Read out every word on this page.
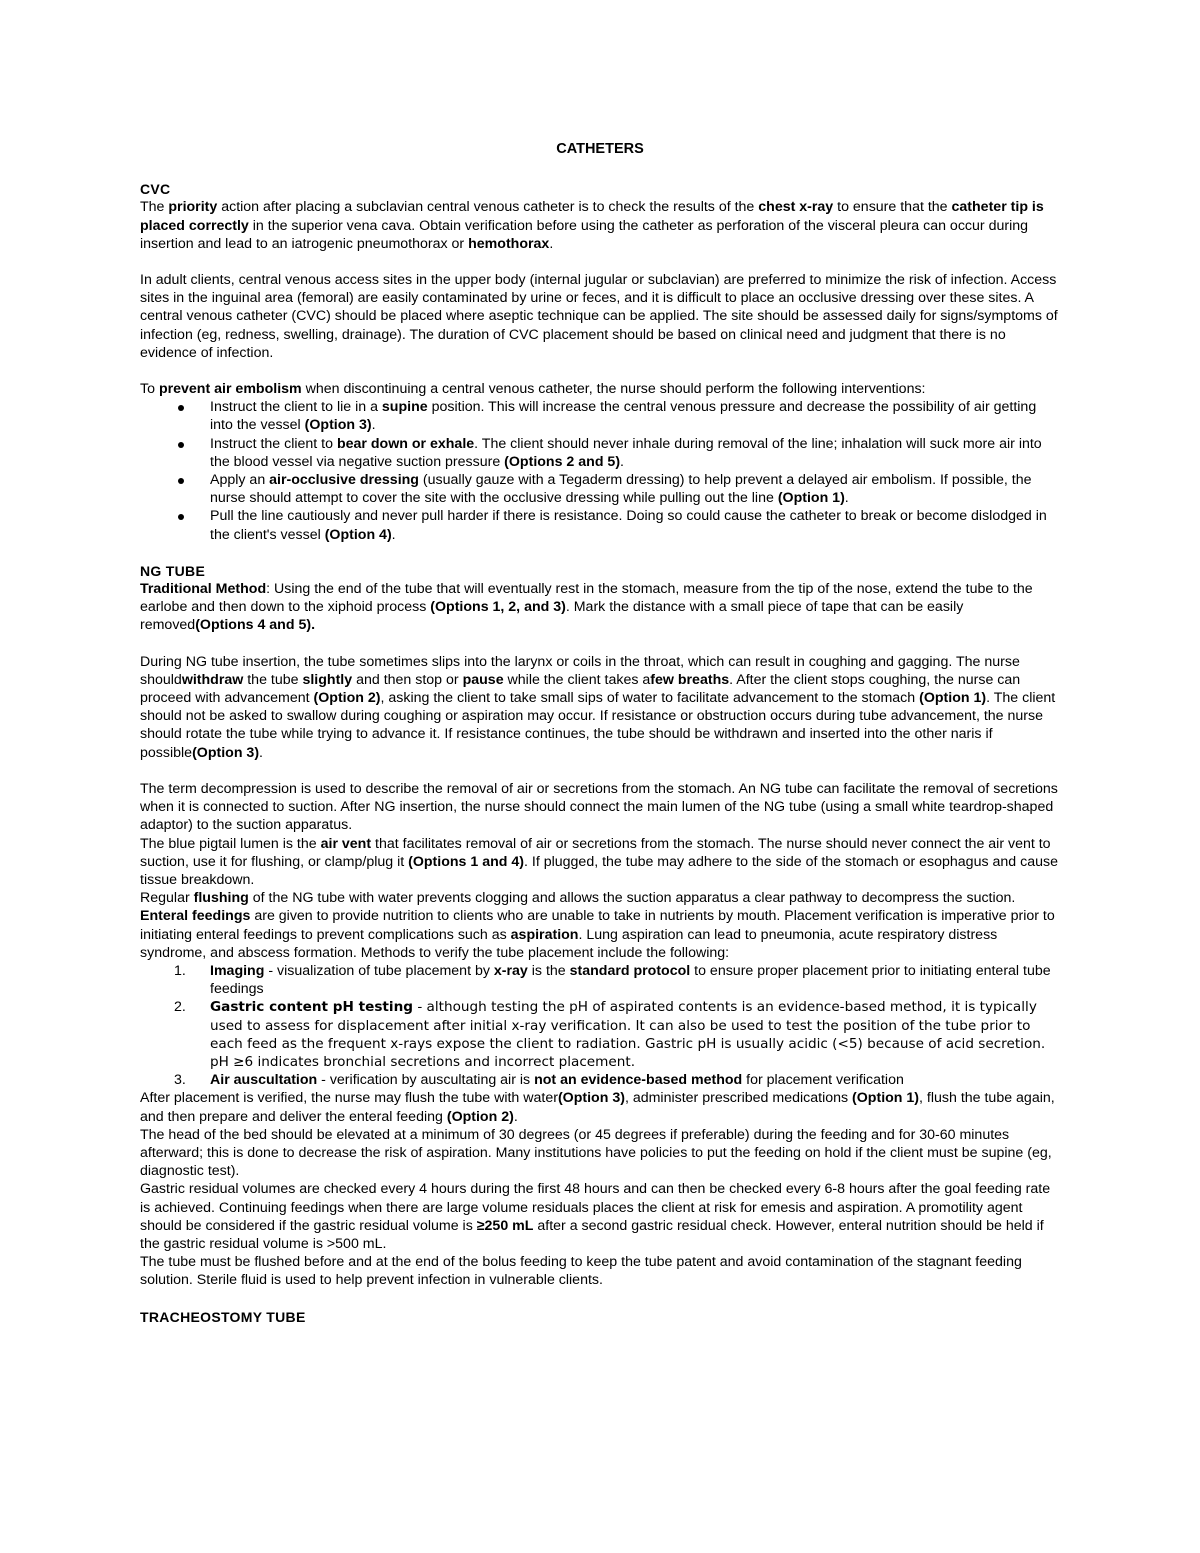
CATHETERS
CVC

The priority action after placing a subclavian central venous catheter is to check the results of the chest x-ray to ensure that the catheter tip is placed correctly in the superior vena cava. Obtain verification before using the catheter as perforation of the visceral pleura can occur during insertion and lead to an iatrogenic pneumothorax or hemothorax.

In adult clients, central venous access sites in the upper body (internal jugular or subclavian) are preferred to minimize the risk of infection. Access sites in the inguinal area (femoral) are easily contaminated by urine or feces, and it is difficult to place an occlusive dressing over these sites. A central venous catheter (CVC) should be placed where aseptic technique can be applied. The site should be assessed daily for signs/symptoms of infection (eg, redness, swelling, drainage). The duration of CVC placement should be based on clinical need and judgment that there is no evidence of infection.

To prevent air embolism when discontinuing a central venous catheter, the nurse should perform the following interventions:

Instruct the client to lie in a supine position. This will increase the central venous pressure and decrease the possibility of air getting into the vessel (Option 3).
Instruct the client to bear down or exhale. The client should never inhale during removal of the line; inhalation will suck more air into the blood vessel via negative suction pressure (Options 2 and 5).
Apply an air-occlusive dressing (usually gauze with a Tegaderm dressing) to help prevent a delayed air embolism. If possible, the nurse should attempt to cover the site with the occlusive dressing while pulling out the line (Option 1).
Pull the line cautiously and never pull harder if there is resistance. Doing so could cause the catheter to break or become dislodged in the client's vessel (Option 4).
NG TUBE

Traditional Method: Using the end of the tube that will eventually rest in the stomach, measure from the tip of the nose, extend the tube to the earlobe and then down to the xiphoid process (Options 1, 2, and 3). Mark the distance with a small piece of tape that can be easily removed(Options 4 and 5).

During NG tube insertion, the tube sometimes slips into the larynx or coils in the throat, which can result in coughing and gagging. The nurse shouldwithdraw the tube slightly and then stop or pause while the client takes afew breaths. After the client stops coughing, the nurse can proceed with advancement (Option 2), asking the client to take small sips of water to facilitate advancement to the stomach (Option 1). The client should not be asked to swallow during coughing or aspiration may occur. If resistance or obstruction occurs during tube advancement, the nurse should rotate the tube while trying to advance it. If resistance continues, the tube should be withdrawn and inserted into the other naris if possible(Option 3).

The term decompression is used to describe the removal of air or secretions from the stomach. An NG tube can facilitate the removal of secretions when it is connected to suction. After NG insertion, the nurse should connect the main lumen of the NG tube (using a small white teardrop-shaped adaptor) to the suction apparatus.

The blue pigtail lumen is the air vent that facilitates removal of air or secretions from the stomach. The nurse should never connect the air vent to suction, use it for flushing, or clamp/plug it (Options 1 and 4). If plugged, the tube may adhere to the side of the stomach or esophagus and cause tissue breakdown.

Regular flushing of the NG tube with water prevents clogging and allows the suction apparatus a clear pathway to decompress the suction.

Enteral feedings are given to provide nutrition to clients who are unable to take in nutrients by mouth. Placement verification is imperative prior to initiating enteral feedings to prevent complications such as aspiration. Lung aspiration can lead to pneumonia, acute respiratory distress syndrome, and abscess formation. Methods to verify the tube placement include the following:

1. Imaging - visualization of tube placement by x-ray is the standard protocol to ensure proper placement prior to initiating enteral tube feedings
2. Gastric content pH testing - although testing the pH of aspirated contents is an evidence-based method, it is typically used to assess for displacement after initial x-ray verification. It can also be used to test the position of the tube prior to each feed as the frequent x-rays expose the client to radiation. Gastric pH is usually acidic (<5) because of acid secretion. pH ≥6 indicates bronchial secretions and incorrect placement.
3. Air auscultation - verification by auscultating air is not an evidence-based method for placement verification

After placement is verified, the nurse may flush the tube with water(Option 3), administer prescribed medications (Option 1), flush the tube again, and then prepare and deliver the enteral feeding (Option 2).

The head of the bed should be elevated at a minimum of 30 degrees (or 45 degrees if preferable) during the feeding and for 30-60 minutes afterward; this is done to decrease the risk of aspiration. Many institutions have policies to put the feeding on hold if the client must be supine (eg, diagnostic test).

Gastric residual volumes are checked every 4 hours during the first 48 hours and can then be checked every 6-8 hours after the goal feeding rate is achieved. Continuing feedings when there are large volume residuals places the client at risk for emesis and aspiration. A promotility agent should be considered if the gastric residual volume is ≥250 mL after a second gastric residual check. However, enteral nutrition should be held if the gastric residual volume is >500 mL.

The tube must be flushed before and at the end of the bolus feeding to keep the tube patent and avoid contamination of the stagnant feeding solution. Sterile fluid is used to help prevent infection in vulnerable clients.

TRACHEOSTOMY TUBE
